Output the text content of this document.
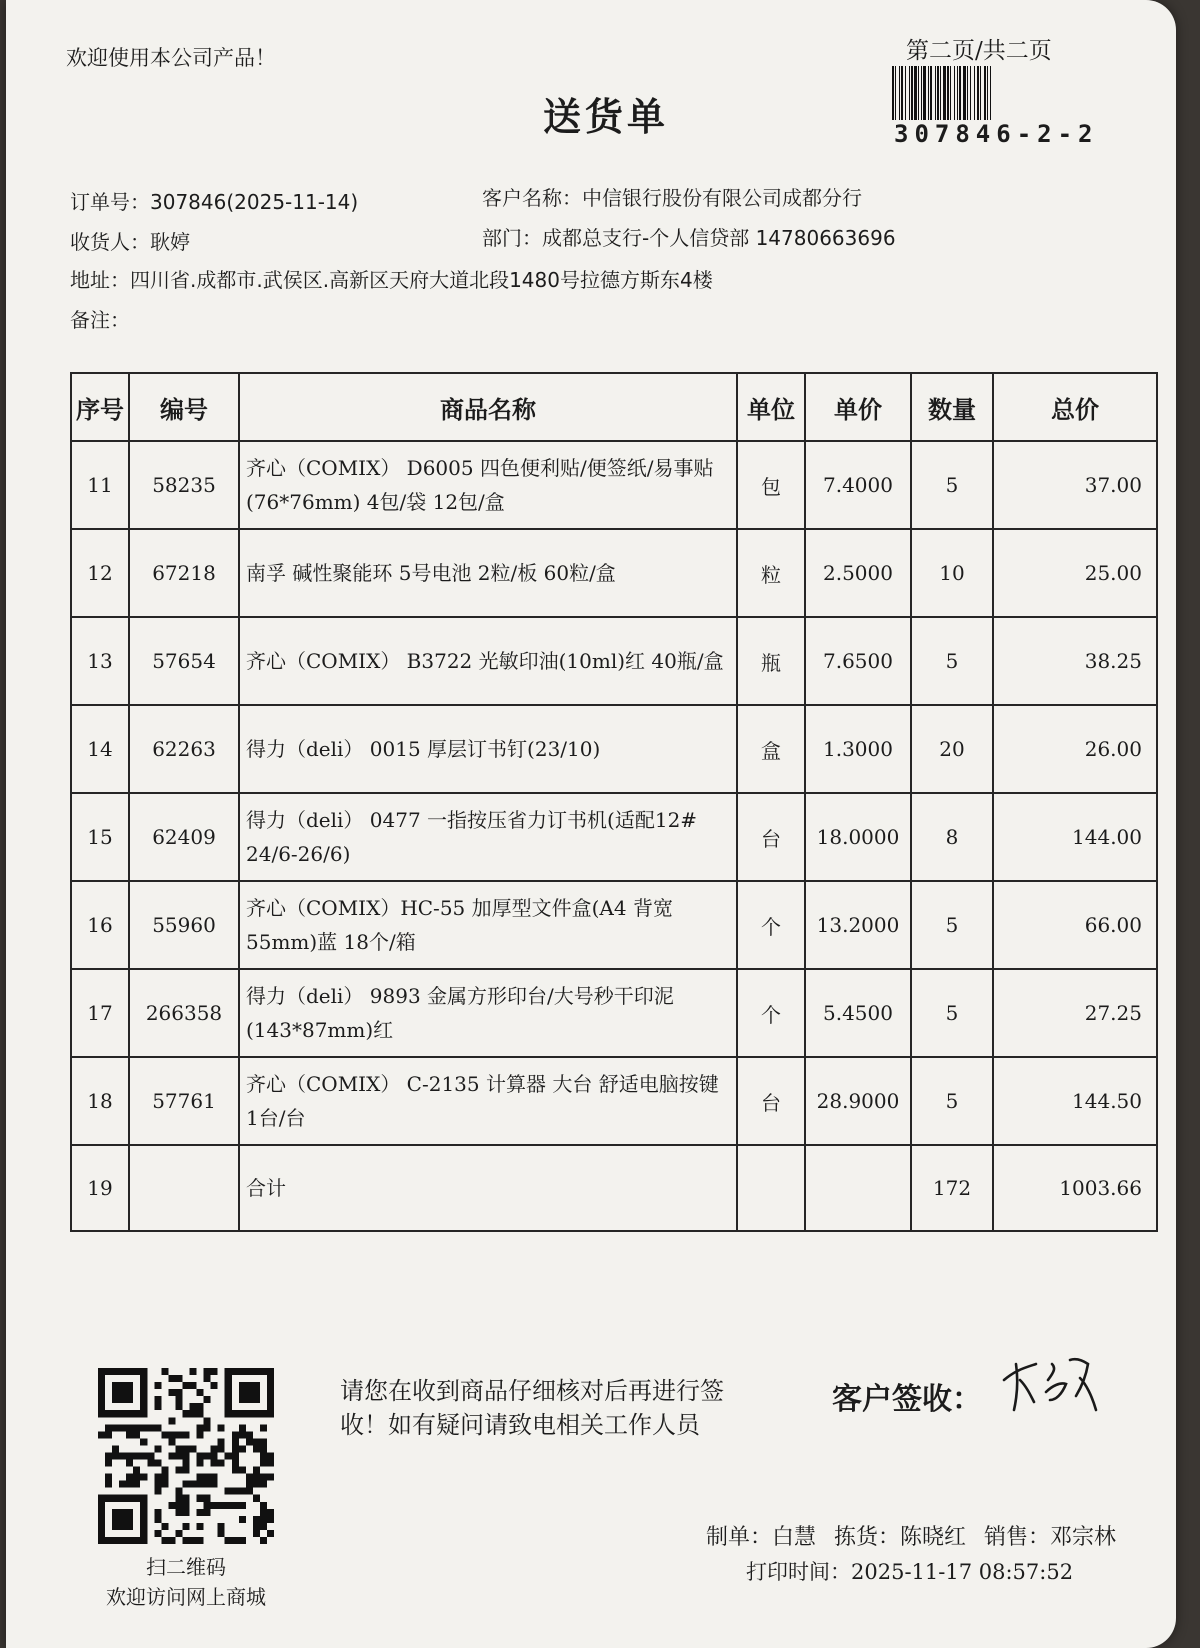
欢迎使用本公司产品！
送货单
第二页/共二页
307846-2-2
订单号：307846(2025-11-14)
收货人：耿婷
地址：四川省.成都市.武侯区.高新区天府大道北段1480号拉德方斯东4楼
备注：
客户名称：中信银行股份有限公司成都分行
部门：成都总支行-个人信贷部 14780663696
序号	编号	商品名称	单位	单价	数量	总价
11	58235	齐心（COMIX） D6005 四色便利贴/便签纸/易事贴(76*76mm) 4包/袋 12包/盒	包	7.4000	5	37.00
12	67218	南孚 碱性聚能环 5号电池 2粒/板 60粒/盒	粒	2.5000	10	25.00
13	57654	齐心（COMIX） B3722 光敏印油(10ml)红 40瓶/盒	瓶	7.6500	5	38.25
14	62263	得力（deli） 0015 厚层订书钉(23/10)	盒	1.3000	20	26.00
15	62409	得力（deli） 0477 一指按压省力订书机(适配12# 24/6-26/6)	台	18.0000	8	144.00
16	55960	齐心（COMIX）HC-55 加厚型文件盒(A4 背宽55mm)蓝 18个/箱	个	13.2000	5	66.00
17	266358	得力（deli） 9893 金属方形印台/大号秒干印泥(143*87mm)红	个	5.4500	5	27.25
18	57761	齐心（COMIX） C-2135 计算器 大台 舒适电脑按键 1台/台	台	28.9000	5	144.50
19		合计			172	1003.66
扫二维码
欢迎访问网上商城
请您在收到商品仔细核对后再进行签收！如有疑问请致电相关工作人员
客户签收：
制单：白慧 拣货：陈晓红 销售：邓宗林
打印时间：2025-11-17 08:57:52
